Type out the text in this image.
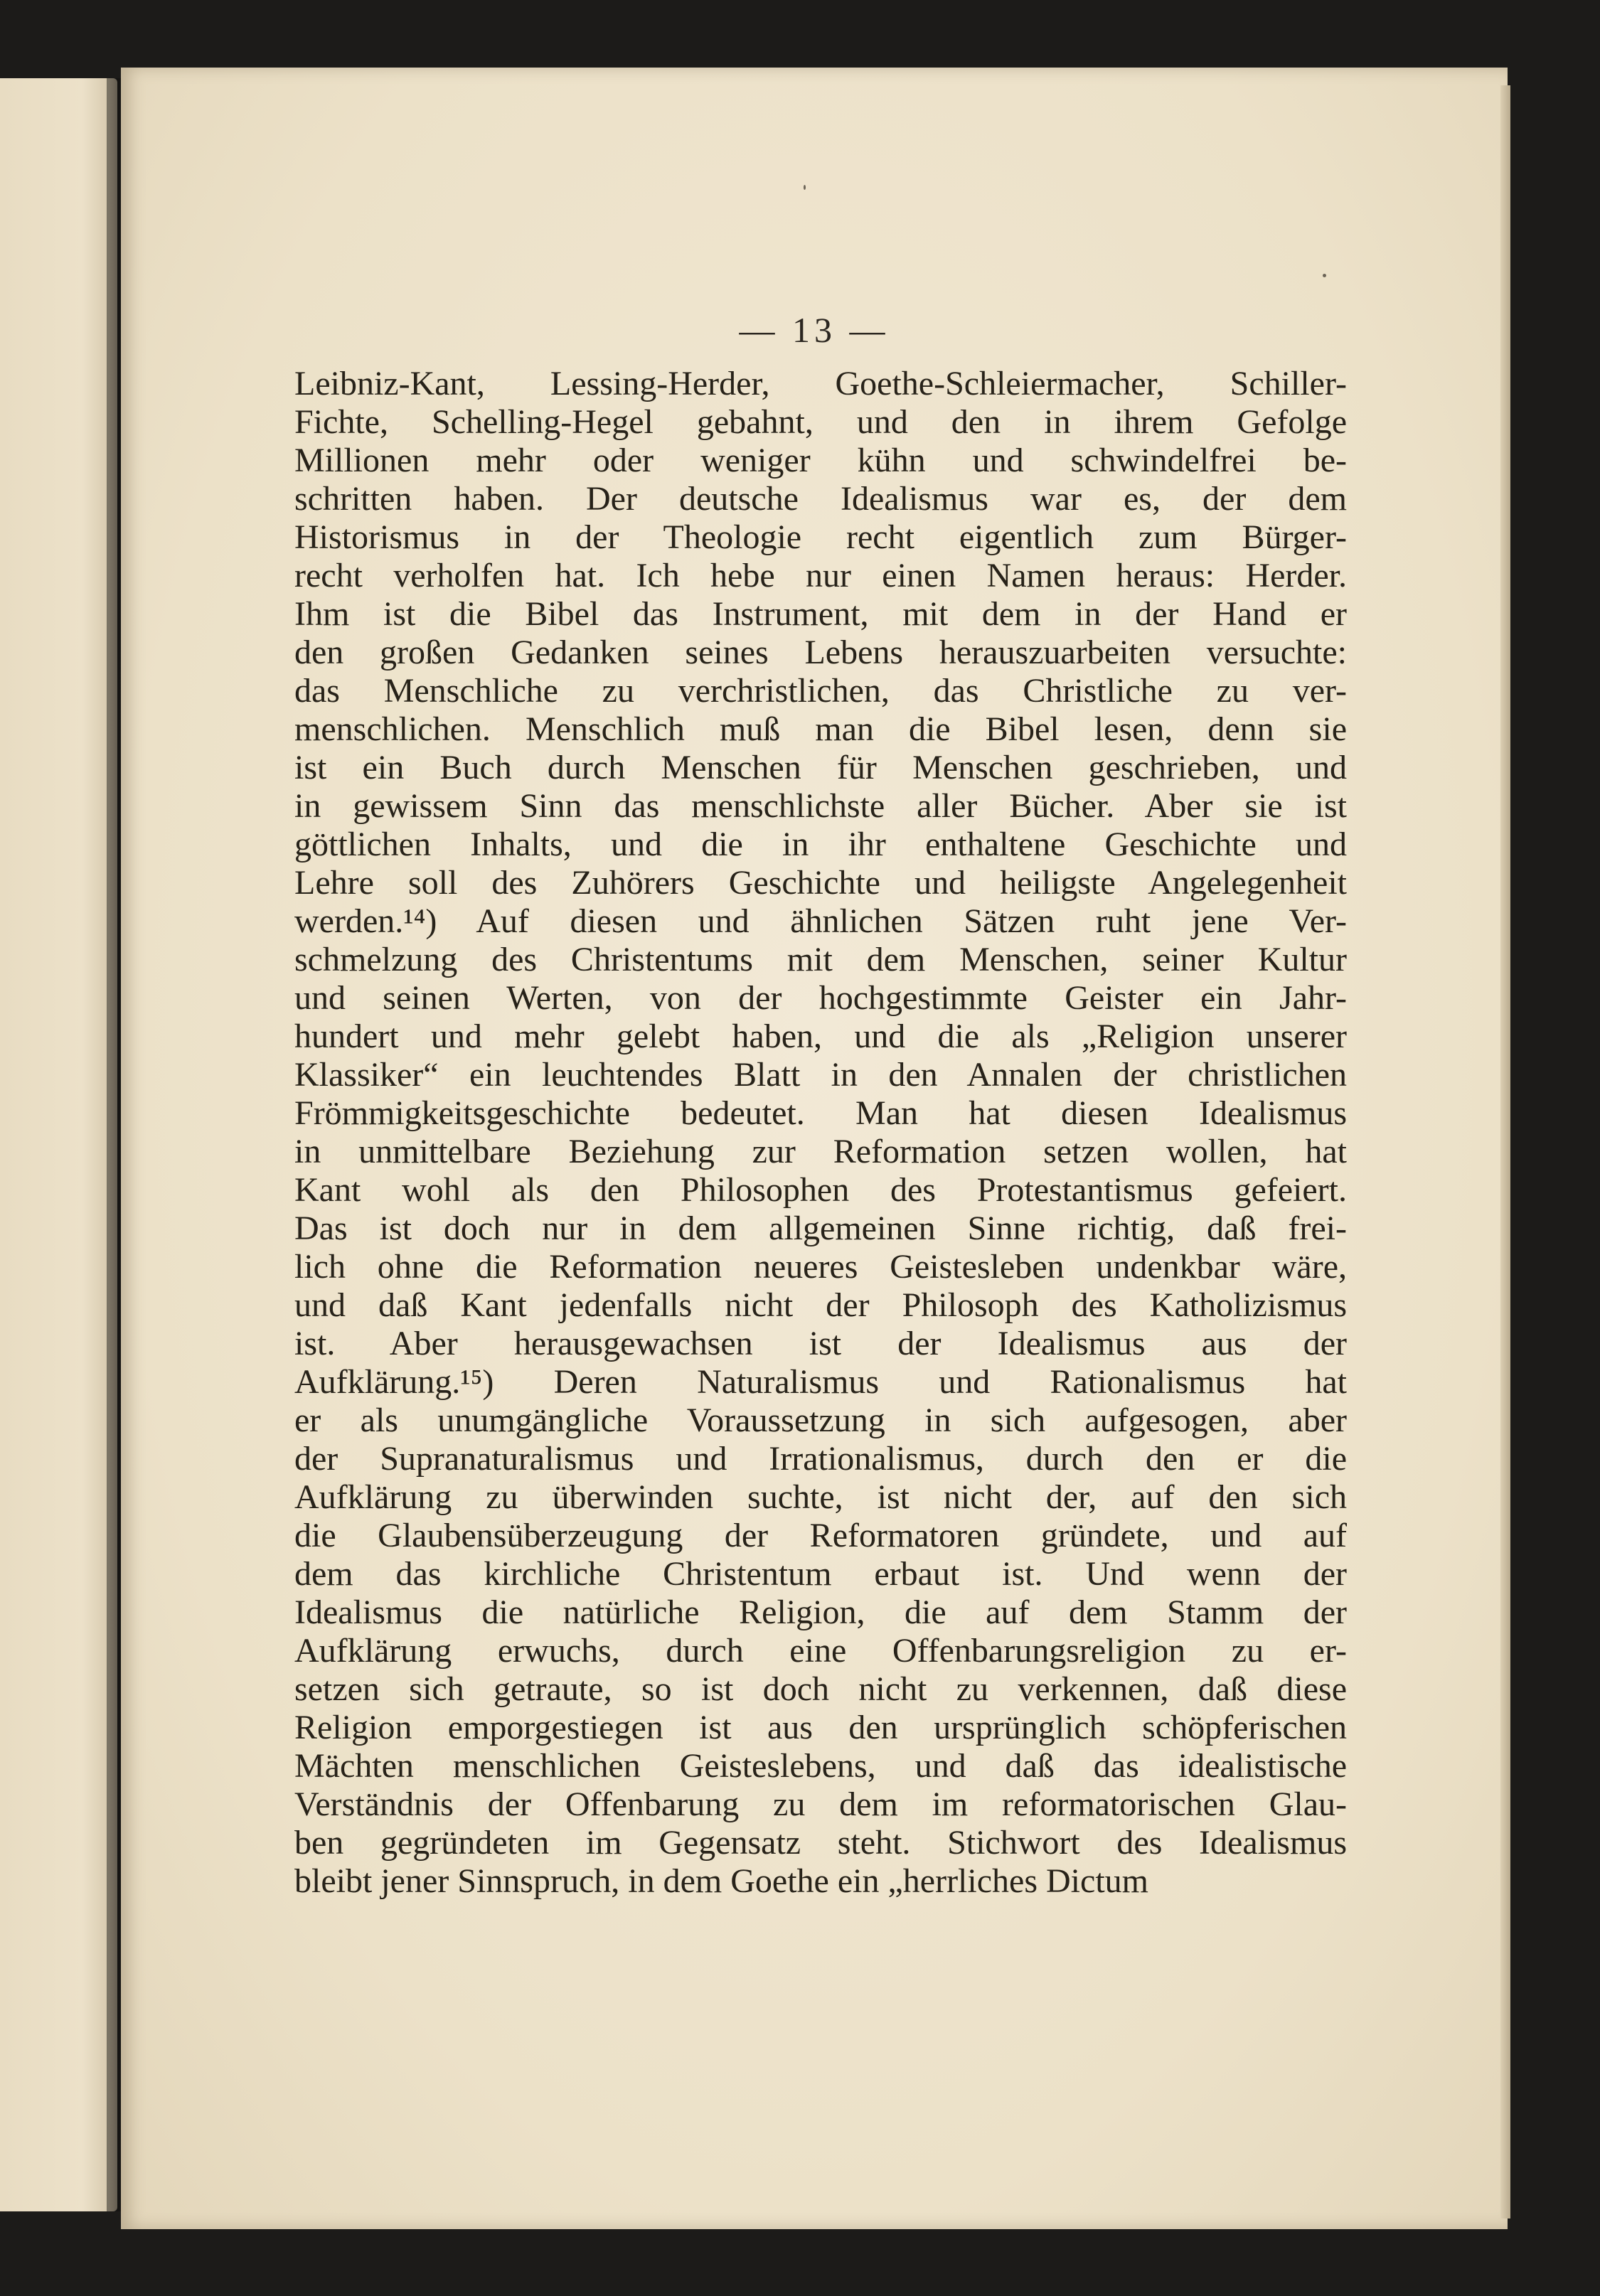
— 13 —
Leibniz-Kant, Lessing-Herder, Goethe-Schleiermacher, Schiller-
Fichte, Schelling-Hegel gebahnt, und den in ihrem Gefolge
Millionen mehr oder weniger kühn und schwindelfrei be-
schritten haben. Der deutsche Idealismus war es, der dem
Historismus in der Theologie recht eigentlich zum Bürger-
recht verholfen hat. Ich hebe nur einen Namen heraus: Herder.
Ihm ist die Bibel das Instrument, mit dem in der Hand er
den großen Gedanken seines Lebens herauszuarbeiten versuchte:
das Menschliche zu verchristlichen, das Christliche zu ver-
menschlichen. Menschlich muß man die Bibel lesen, denn sie
ist ein Buch durch Menschen für Menschen geschrieben, und
in gewissem Sinn das menschlichste aller Bücher. Aber sie ist
göttlichen Inhalts, und die in ihr enthaltene Geschichte und
Lehre soll des Zuhörers Geschichte und heiligste Angelegenheit
werden.¹⁴) Auf diesen und ähnlichen Sätzen ruht jene Ver-
schmelzung des Christentums mit dem Menschen, seiner Kultur
und seinen Werten, von der hochgestimmte Geister ein Jahr-
hundert und mehr gelebt haben, und die als „Religion unserer
Klassiker“ ein leuchtendes Blatt in den Annalen der christlichen
Frömmigkeitsgeschichte bedeutet. Man hat diesen Idealismus
in unmittelbare Beziehung zur Reformation setzen wollen, hat
Kant wohl als den Philosophen des Protestantismus gefeiert.
Das ist doch nur in dem allgemeinen Sinne richtig, daß frei-
lich ohne die Reformation neueres Geistesleben undenkbar wäre,
und daß Kant jedenfalls nicht der Philosoph des Katholizismus
ist. Aber herausgewachsen ist der Idealismus aus der
Aufklärung.¹⁵) Deren Naturalismus und Rationalismus hat
er als unumgängliche Voraussetzung in sich aufgesogen, aber
der Supranaturalismus und Irrationalismus, durch den er die
Aufklärung zu überwinden suchte, ist nicht der, auf den sich
die Glaubensüberzeugung der Reformatoren gründete, und auf
dem das kirchliche Christentum erbaut ist. Und wenn der
Idealismus die natürliche Religion, die auf dem Stamm der
Aufklärung erwuchs, durch eine Offenbarungsreligion zu er-
setzen sich getraute, so ist doch nicht zu verkennen, daß diese
Religion emporgestiegen ist aus den ursprünglich schöpferischen
Mächten menschlichen Geisteslebens, und daß das idealistische
Verständnis der Offenbarung zu dem im reformatorischen Glau-
ben gegründeten im Gegensatz steht. Stichwort des Idealismus
bleibt jener Sinnspruch, in dem Goethe ein „herrliches Dictum
